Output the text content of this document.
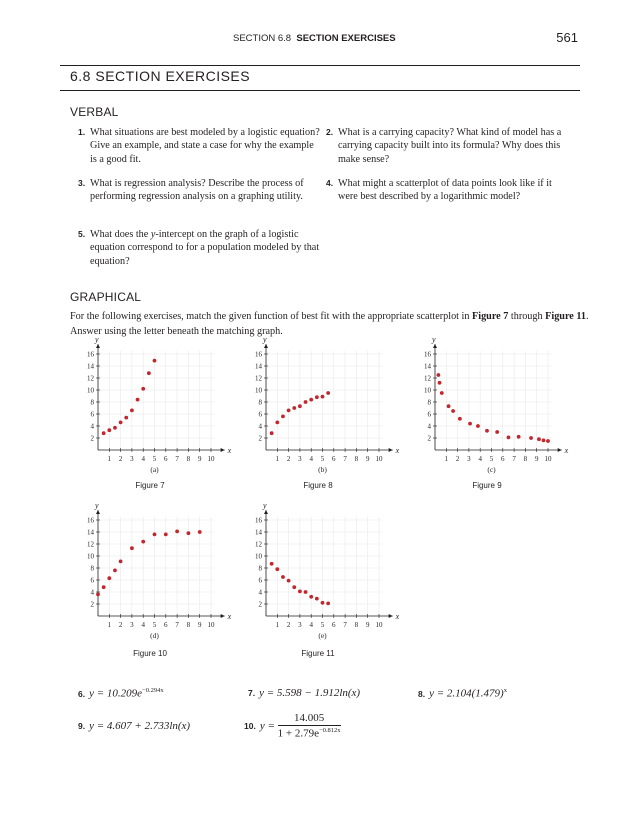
SECTION 6.8 SECTION EXERCISES	561
6.8 SECTION EXERCISES
VERBAL
1. What situations are best modeled by a logistic equation? Give an example, and state a case for why the example is a good fit.
2. What is a carrying capacity? What kind of model has a carrying capacity built into its formula? Why does this make sense?
3. What is regression analysis? Describe the process of performing regression analysis on a graphing utility.
4. What might a scatterplot of data points look like if it were best described by a logarithmic model?
5. What does the y-intercept on the graph of a logistic equation correspond to for a population modeled by that equation?
GRAPHICAL
For the following exercises, match the given function of best fit with the appropriate scatterplot in Figure 7 through Figure 11. Answer using the letter beneath the matching graph.
x
y
1 2 3 4 5 6 7 8 9 10
2
4
6
8
10
12
14
16
(a)
Figure 7
x
y
1 2 3 4 5 6 7 8 9 10
2
4
6
8
10
12
14
16
(b)
Figure 8
x
y
1 2 3 4 5 6 7 8 9 10
2
4
6
8
10
12
14
16
(c)
Figure 9
x
y
1 2 3 4 5 6 7 8 9 10
2
4
6
8
10
12
14
16
(d)
Figure 10
x
y
1 2 3 4 5 6 7 8 9 10
2
4
6
8
10
12
14
16
(e)
Figure 11
6. $y = 10.209e^{-0.294x}$	7. y = 5.598 − 1.912ln(x)	8. $y = 2.104(1.479)^x$
9. y = 4.607 + 2.733ln(x)	10. $y = \frac{14.005}{1 + 2.79e^{-0.812x}}$
